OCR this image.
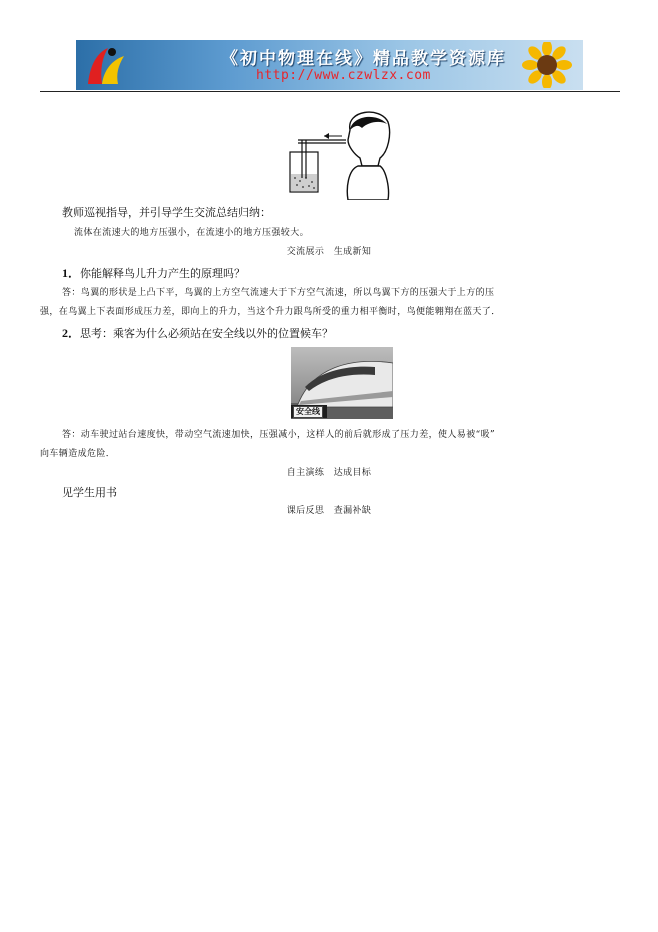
《初中物理在线》精品教学资源库
http://www.czwlzx.com
教师巡视指导，并引导学生交流总结归纳：
流体在流速大的地方压强小，在流速小的地方压强较大。
交流展示　生成新知
1．你能解释鸟儿升力产生的原理吗？
答：鸟翼的形状是上凸下平，鸟翼的上方空气流速大于下方空气流速，所以鸟翼下方的压强大于上方的压
强，在鸟翼上下表面形成压力差，即向上的升力，当这个升力跟鸟所受的重力相平衡时，鸟便能翱翔在蓝天了．
2．思考：乘客为什么必须站在安全线以外的位置候车？
安全线
答：动车驶过站台速度快，带动空气流速加快，压强减小，这样人的前后就形成了压力差，使人易被“吸”
向车辆造成危险．
自主演练　达成目标
见学生用书
课后反思　查漏补缺
